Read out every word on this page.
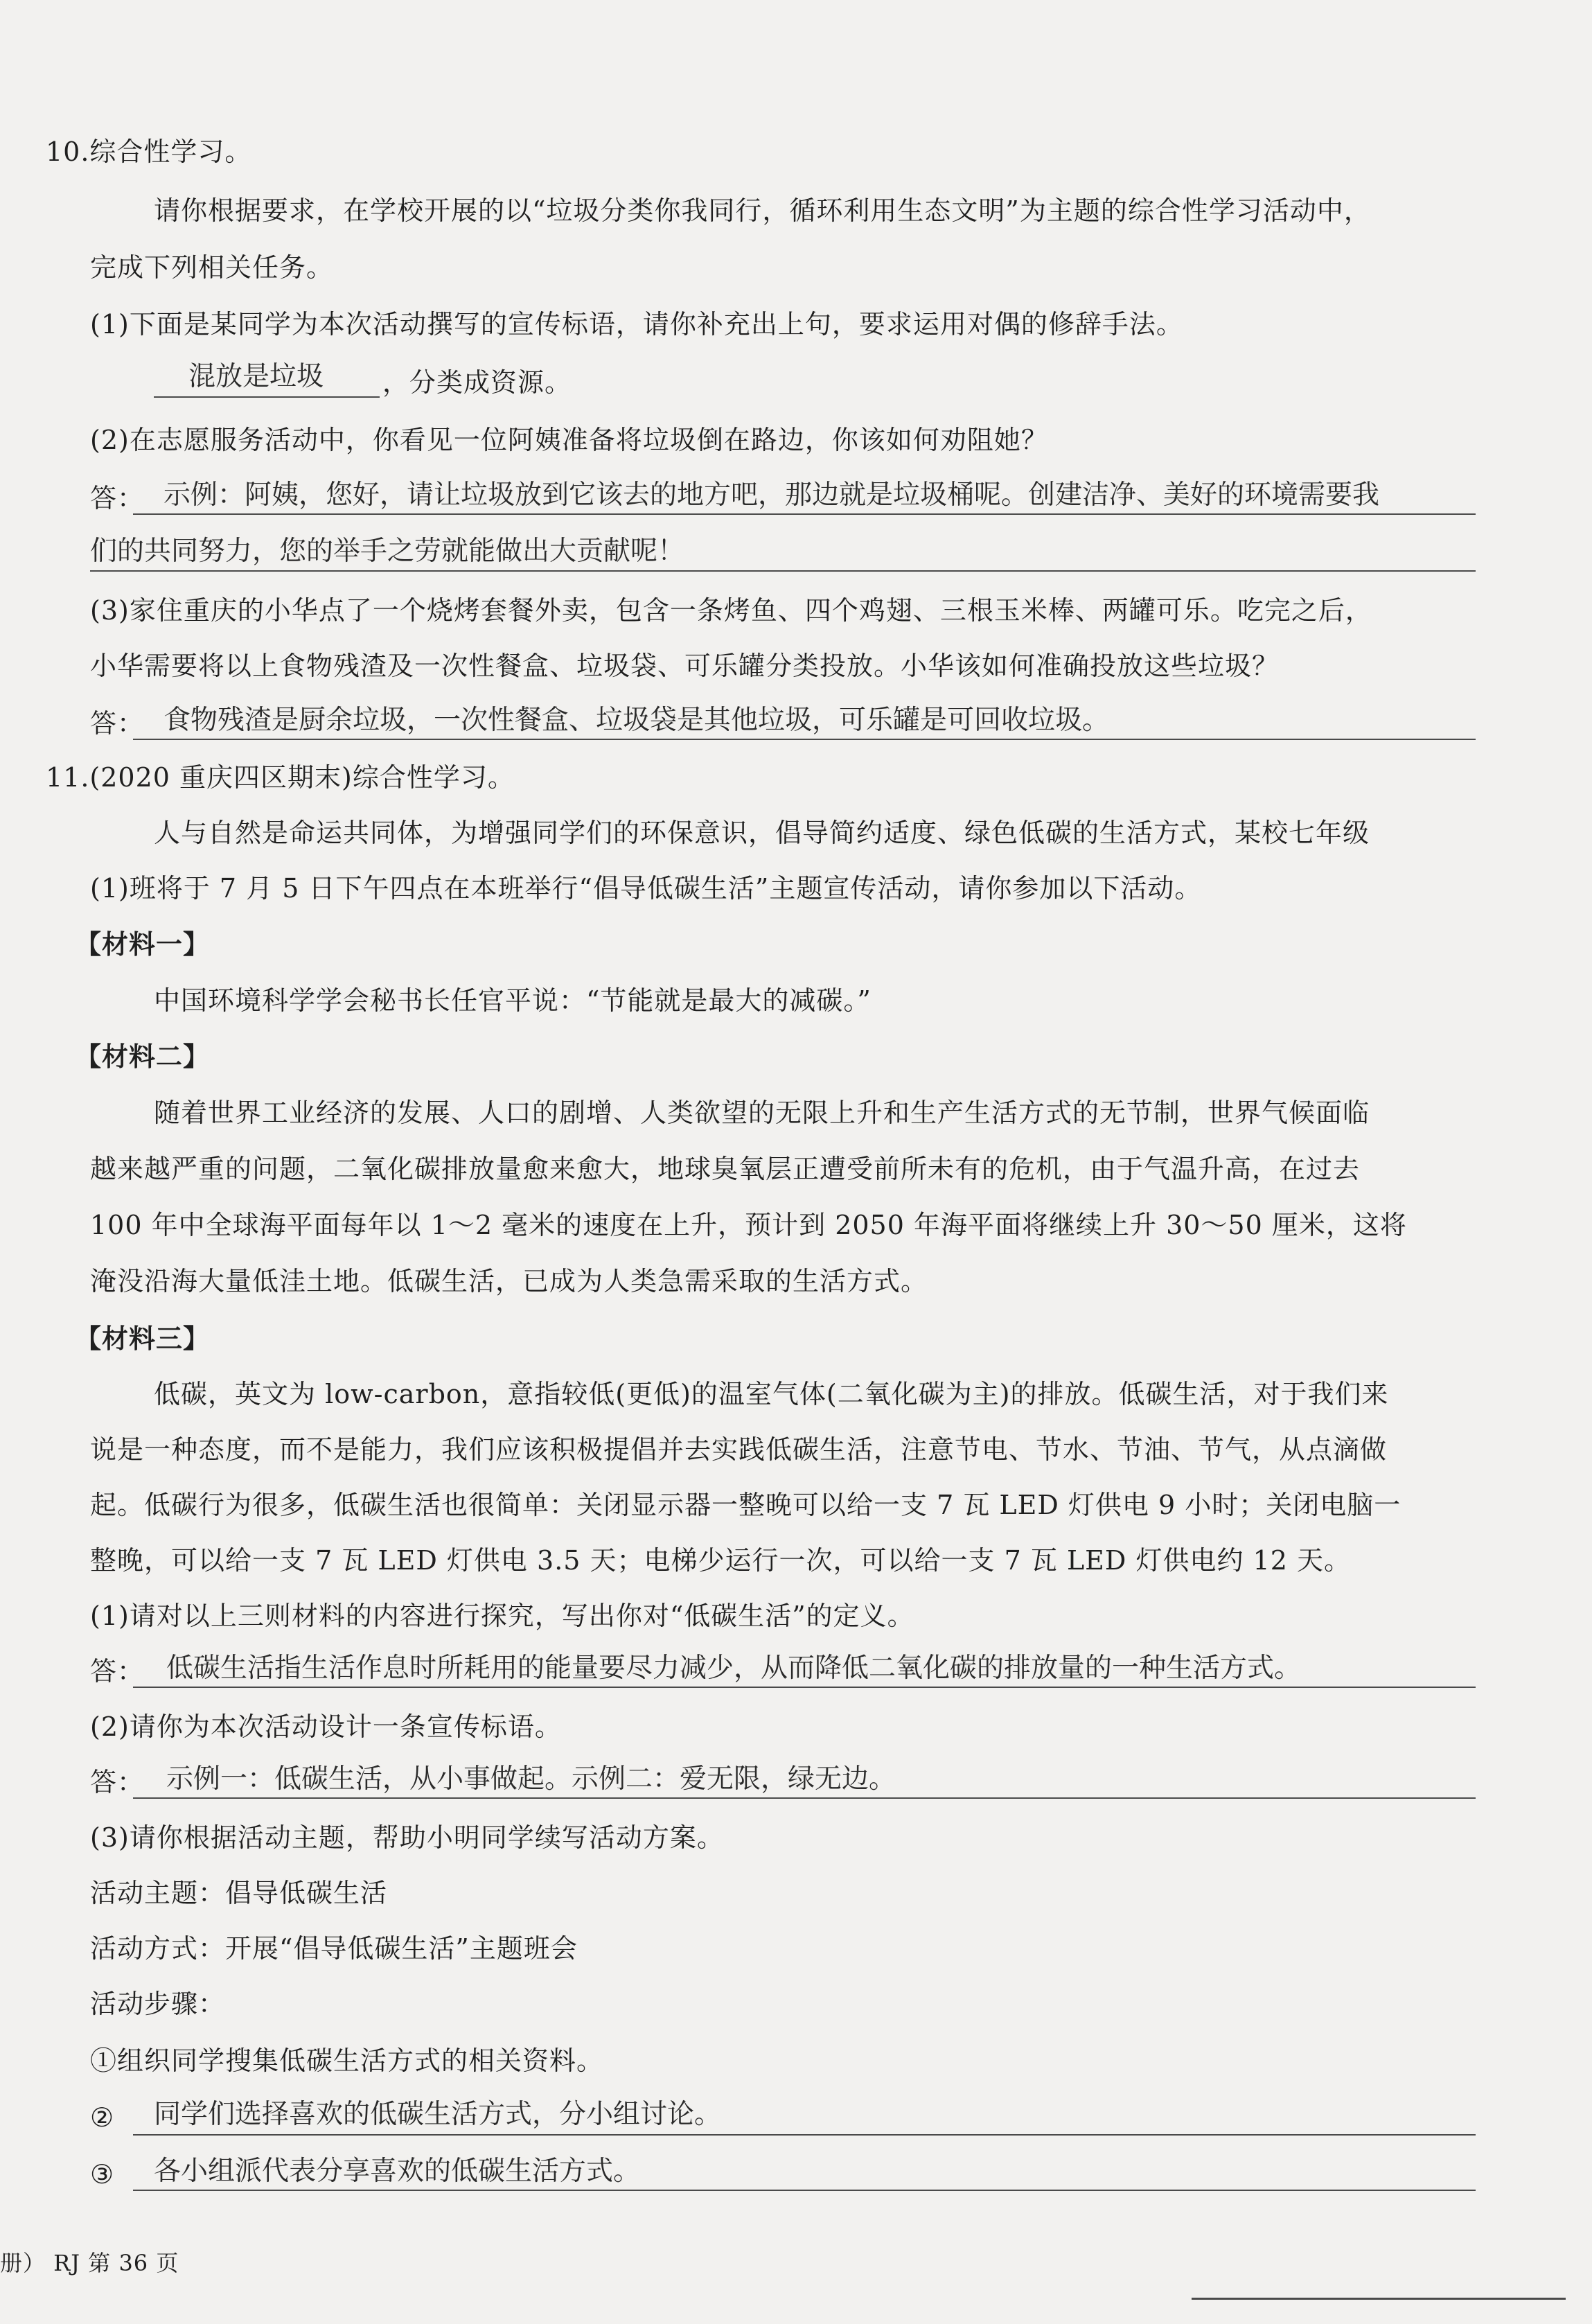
10.综合性学习。
请你根据要求，在学校开展的以“垃圾分类你我同行，循环利用生态文明”为主题的综合性学习活动中，
完成下列相关任务。
(1)下面是某同学为本次活动撰写的宣传标语，请你补充出上句，要求运用对偶的修辞手法。
混放是垃圾 ，分类成资源。
(2)在志愿服务活动中，你看见一位阿姨准备将垃圾倒在路边，你该如何劝阻她？
答： 示例：阿姨，您好，请让垃圾放到它该去的地方吧，那边就是垃圾桶呢。创建洁净、美好的环境需要我
们的共同努力，您的举手之劳就能做出大贡献呢！
(3)家住重庆的小华点了一个烧烤套餐外卖，包含一条烤鱼、四个鸡翅、三根玉米棒、两罐可乐。吃完之后，
小华需要将以上食物残渣及一次性餐盒、垃圾袋、可乐罐分类投放。小华该如何准确投放这些垃圾？
答： 食物残渣是厨余垃圾，一次性餐盒、垃圾袋是其他垃圾，可乐罐是可回收垃圾。
11.(2020 重庆四区期末)综合性学习。
人与自然是命运共同体，为增强同学们的环保意识，倡导简约适度、绿色低碳的生活方式，某校七年级
(1)班将于 7 月 5 日下午四点在本班举行“倡导低碳生活”主题宣传活动，请你参加以下活动。
【材料一】
中国环境科学学会秘书长任官平说：“节能就是最大的减碳。”
【材料二】
随着世界工业经济的发展、人口的剧增、人类欲望的无限上升和生产生活方式的无节制，世界气候面临
越来越严重的问题，二氧化碳排放量愈来愈大，地球臭氧层正遭受前所未有的危机，由于气温升高，在过去
100 年中全球海平面每年以 1～2 毫米的速度在上升，预计到 2050 年海平面将继续上升 30～50 厘米，这将
淹没沿海大量低洼土地。低碳生活，已成为人类急需采取的生活方式。
【材料三】
低碳，英文为 low-carbon，意指较低(更低)的温室气体(二氧化碳为主)的排放。低碳生活，对于我们来
说是一种态度，而不是能力，我们应该积极提倡并去实践低碳生活，注意节电、节水、节油、节气，从点滴做
起。低碳行为很多，低碳生活也很简单：关闭显示器一整晚可以给一支 7 瓦 LED 灯供电 9 小时；关闭电脑一
整晚，可以给一支 7 瓦 LED 灯供电 3.5 天；电梯少运行一次，可以给一支 7 瓦 LED 灯供电约 12 天。
(1)请对以上三则材料的内容进行探究，写出你对“低碳生活”的定义。
答： 低碳生活指生活作息时所耗用的能量要尽力减少，从而降低二氧化碳的排放量的一种生活方式。
(2)请你为本次活动设计一条宣传标语。
答： 示例一：低碳生活，从小事做起。示例二：爱无限，绿无边。
(3)请你根据活动主题，帮助小明同学续写活动方案。
活动主题：倡导低碳生活
活动方式：开展“倡导低碳生活”主题班会
活动步骤：
①组织同学搜集低碳生活方式的相关资料。
② 同学们选择喜欢的低碳生活方式，分小组讨论。
③ 各小组派代表分享喜欢的低碳生活方式。
册） RJ 第 36 页
